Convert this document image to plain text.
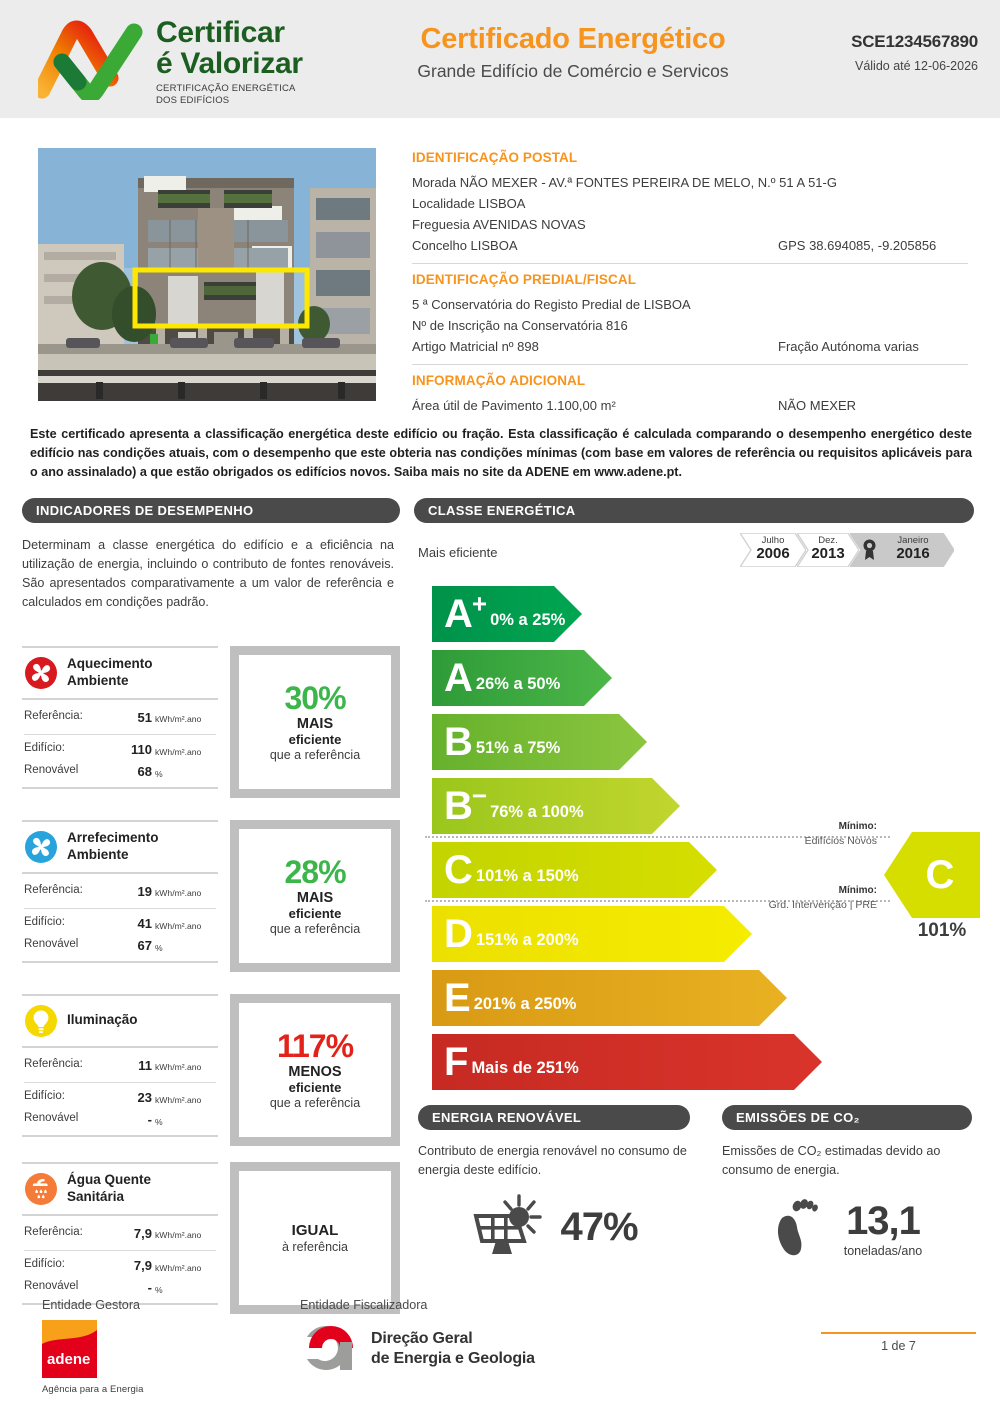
Certificar
é Valorizar
CERTIFICAÇÃO ENERGÉTICA
DOS EDIFÍCIOS
Certificado Energético
Grande Edifício de Comércio e Servicos
SCE1234567890
Válido até 12-06-2026
IDENTIFICAÇÃO POSTAL
Morada NÃO MEXER - AV.ª FONTES PEREIRA DE MELO, N.º 51 A 51-G
Localidade LISBOA
Freguesia AVENIDAS NOVAS
Concelho LISBOA	GPS 38.694085, -9.205856
IDENTIFICAÇÃO PREDIAL/FISCAL
5 ª Conservatória do Registo Predial de LISBOA
Nº de Inscrição na Conservatória 816
Artigo Matricial nº 898	Fração Autónoma varias
INFORMAÇÃO ADICIONAL
Área útil de Pavimento 1.100,00 m²	NÃO MEXER
Este certificado apresenta a classificação energética deste edifício ou fração. Esta classificação é calculada comparando o desempenho energético deste edifício nas condições atuais, com o desempenho que este obteria nas condições mínimas (com base em valores de referência ou requisitos aplicáveis para o ano assinalado) a que estão obrigados os edifícios novos. Saiba mais no site da ADENE em www.adene.pt.
INDICADORES DE DESEMPENHO
Determinam a classe energética do edifício e a eficiência na utilização de energia, incluindo o contributo de fontes renováveis. São apresentados comparativamente a um valor de referência e calculados em condições padrão.
Aquecimento
Ambiente
Referência:	51 kWh/m².ano
Edifício:	110 kWh/m².ano
Renovável	68 %
30%
MAIS
eficiente
que a referência
Arrefecimento
Ambiente
Referência:	19 kWh/m².ano
Edifício:	41 kWh/m².ano
Renovável	67 %
28%
MAIS
eficiente
que a referência
Iluminação
Referência:	11 kWh/m².ano
Edifício:	23 kWh/m².ano
Renovável	- %
117%
MENOS
eficiente
que a referência
Água Quente
Sanitária
Referência:	7,9 kWh/m².ano
Edifício:	7,9 kWh/m².ano
Renovável	- %
IGUAL
à referência
CLASSE ENERGÉTICA
Mais eficiente
Julho
2006
Dez.
2013
Janeiro
2016
A+
0% a 25%
A 26% a 50%
B 51% a 75%
B−
76% a 100%
C 101% a 150%
D 151% a 200%
E 201% a 250%
F Mais de 251%
Mínimo:
Edifícios Novos
Mínimo:
Grd. Intervenção | PRE
C
101%
ENERGIA RENOVÁVEL
Contributo de energia renovável no consumo de energia deste edifício.
47%
EMISSÕES DE CO₂
Emissões de CO₂ estimadas devido ao consumo de energia.
13,1
toneladas/ano
Entidade Gestora
adene
Agência para a Energia
Entidade Fiscalizadora
Direção Geral
de Energia e Geologia
1 de 7
